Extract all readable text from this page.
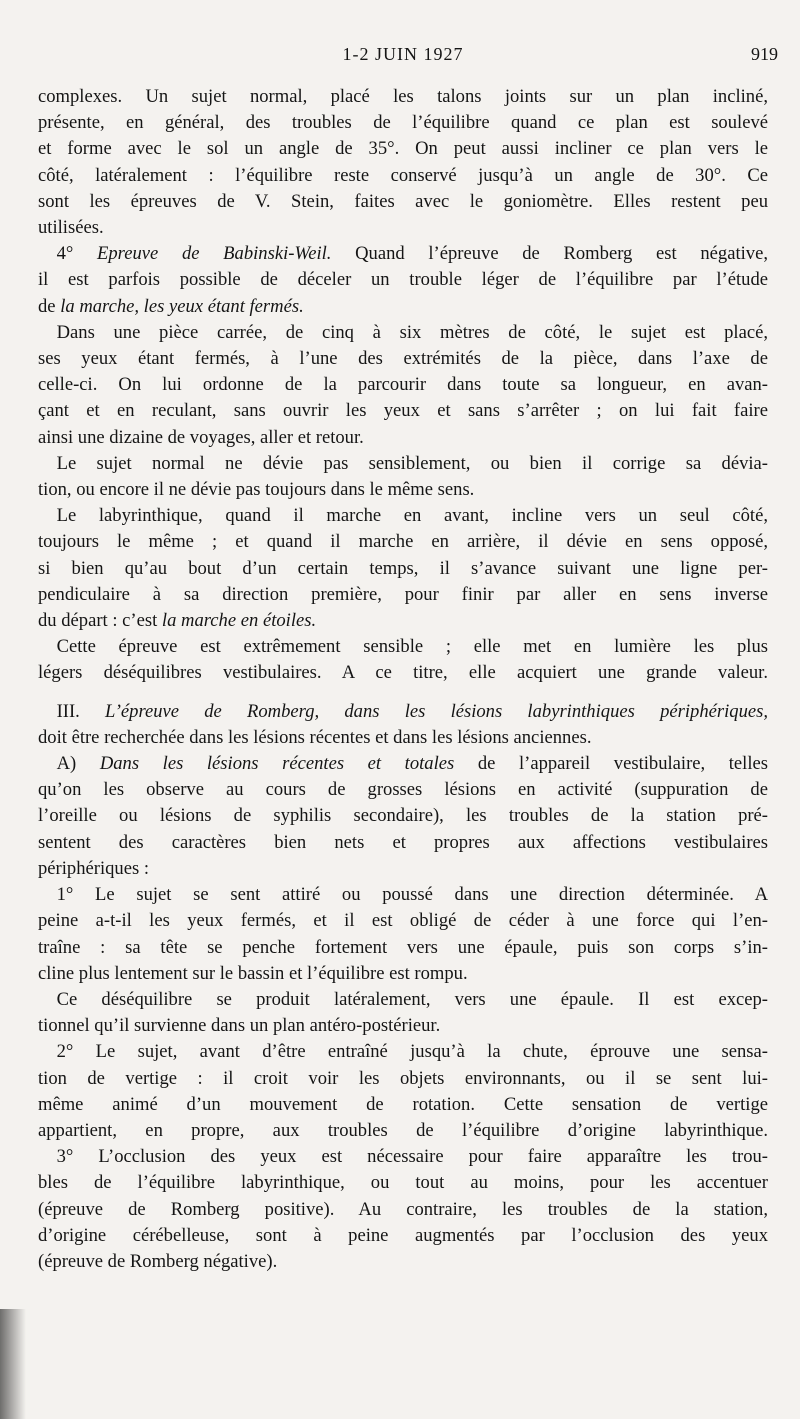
1-2 JUIN 1927	919
complexes. Un sujet normal, placé les talons joints sur un plan incliné,
présente, en général, des troubles de l’équilibre quand ce plan est soulevé
et forme avec le sol un angle de 35°. On peut aussi incliner ce plan vers le
côté, latéralement : l’équilibre reste conservé jusqu’à un angle de 30°. Ce
sont les épreuves de V. Stein, faites avec le goniomètre. Elles restent peu
utilisées.
 4° Epreuve de Babinski-Weil. Quand l’épreuve de Romberg est négative,
il est parfois possible de déceler un trouble léger de l’équilibre par l’étude
de la marche, les yeux étant fermés.
 Dans une pièce carrée, de cinq à six mètres de côté, le sujet est placé,
ses yeux étant fermés, à l’une des extrémités de la pièce, dans l’axe de
celle-ci. On lui ordonne de la parcourir dans toute sa longueur, en avan-
çant et en reculant, sans ouvrir les yeux et sans s’arrêter ; on lui fait faire
ainsi une dizaine de voyages, aller et retour.
 Le sujet normal ne dévie pas sensiblement, ou bien il corrige sa dévia-
tion, ou encore il ne dévie pas toujours dans le même sens.
 Le labyrinthique, quand il marche en avant, incline vers un seul côté,
toujours le même ; et quand il marche en arrière, il dévie en sens opposé,
si bien qu’au bout d’un certain temps, il s’avance suivant une ligne per-
pendiculaire à sa direction première, pour finir par aller en sens inverse
du départ : c’est la marche en étoiles.
 Cette épreuve est extrêmement sensible ; elle met en lumière les plus
légers déséquilibres vestibulaires. A ce titre, elle acquiert une grande valeur.
 III. L’épreuve de Romberg, dans les lésions labyrinthiques périphériques,
doit être recherchée dans les lésions récentes et dans les lésions anciennes.
 A) Dans les lésions récentes et totales de l’appareil vestibulaire, telles
qu’on les observe au cours de grosses lésions en activité (suppuration de
l’oreille ou lésions de syphilis secondaire), les troubles de la station pré-
sentent des caractères bien nets et propres aux affections vestibulaires
périphériques :
 1° Le sujet se sent attiré ou poussé dans une direction déterminée. A
peine a-t-il les yeux fermés, et il est obligé de céder à une force qui l’en-
traîne : sa tête se penche fortement vers une épaule, puis son corps s’in-
cline plus lentement sur le bassin et l’équilibre est rompu.
 Ce déséquilibre se produit latéralement, vers une épaule. Il est excep-
tionnel qu’il survienne dans un plan antéro-postérieur.
 2° Le sujet, avant d’être entraîné jusqu’à la chute, éprouve une sensa-
tion de vertige : il croit voir les objets environnants, ou il se sent lui-
même animé d’un mouvement de rotation. Cette sensation de vertige
appartient, en propre, aux troubles de l’équilibre d’origine labyrinthique.
 3° L’occlusion des yeux est nécessaire pour faire apparaître les trou-
bles de l’équilibre labyrinthique, ou tout au moins, pour les accentuer
(épreuve de Romberg positive). Au contraire, les troubles de la station,
d’origine cérébelleuse, sont à peine augmentés par l’occlusion des yeux
(épreuve de Romberg négative).
